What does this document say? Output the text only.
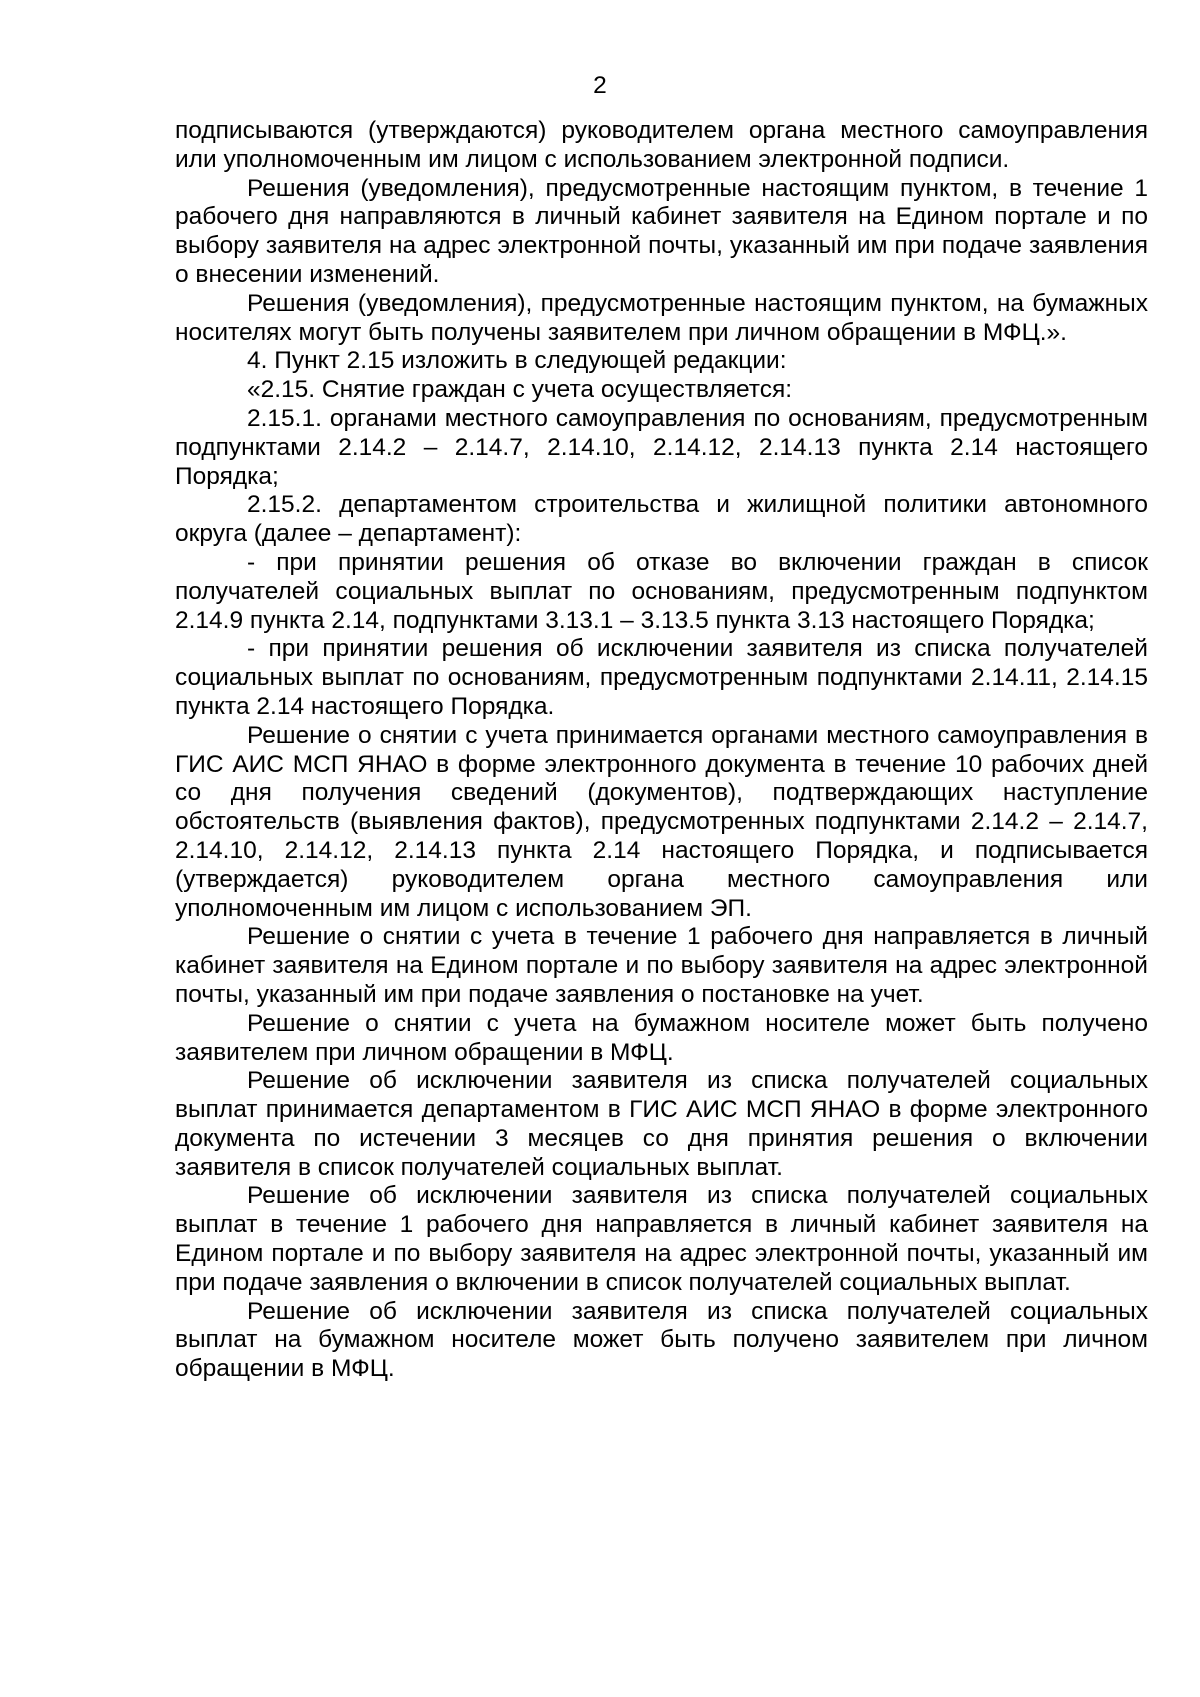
2

подписываются (утверждаются) руководителем органа местного самоуправления или уполномоченным им лицом с использованием электронной подписи.

Решения (уведомления), предусмотренные настоящим пунктом, в течение 1 рабочего дня направляются в личный кабинет заявителя на Едином портале и по выбору заявителя на адрес электронной почты, указанный им при подаче заявления о внесении изменений.

Решения (уведомления), предусмотренные настоящим пунктом, на бумажных носителях могут быть получены заявителем при личном обращении в МФЦ.».

4. Пункт 2.15 изложить в следующей редакции:

«2.15. Снятие граждан с учета осуществляется:

2.15.1. органами местного самоуправления по основаниям, предусмотренным подпунктами 2.14.2 – 2.14.7, 2.14.10, 2.14.12, 2.14.13 пункта 2.14 настоящего Порядка;

2.15.2. департаментом строительства и жилищной политики автономного округа (далее – департамент):

- при принятии решения об отказе во включении граждан в список получателей социальных выплат по основаниям, предусмотренным подпунктом 2.14.9 пункта 2.14, подпунктами 3.13.1 – 3.13.5 пункта 3.13 настоящего Порядка;

- при принятии решения об исключении заявителя из списка получателей социальных выплат по основаниям, предусмотренным подпунктами 2.14.11, 2.14.15 пункта 2.14 настоящего Порядка.

Решение о снятии с учета принимается органами местного самоуправления в ГИС АИС МСП ЯНАО в форме электронного документа в течение 10 рабочих дней со дня получения сведений (документов), подтверждающих наступление обстоятельств (выявления фактов), предусмотренных подпунктами 2.14.2 – 2.14.7, 2.14.10, 2.14.12, 2.14.13 пункта 2.14 настоящего Порядка, и подписывается (утверждается) руководителем органа местного самоуправления или уполномоченным им лицом с использованием ЭП.

Решение о снятии с учета в течение 1 рабочего дня направляется в личный кабинет заявителя на Едином портале и по выбору заявителя на адрес электронной почты, указанный им при подаче заявления о постановке на учет.

Решение о снятии с учета на бумажном носителе может быть получено заявителем при личном обращении в МФЦ.

Решение об исключении заявителя из списка получателей социальных выплат принимается департаментом в ГИС АИС МСП ЯНАО в форме электронного документа по истечении 3 месяцев со дня принятия решения о включении заявителя в список получателей социальных выплат.

Решение об исключении заявителя из списка получателей социальных выплат в течение 1 рабочего дня направляется в личный кабинет заявителя на Едином портале и по выбору заявителя на адрес электронной почты, указанный им при подаче заявления о включении в список получателей социальных выплат.

Решение об исключении заявителя из списка получателей социальных выплат на бумажном носителе может быть получено заявителем при личном обращении в МФЦ.
